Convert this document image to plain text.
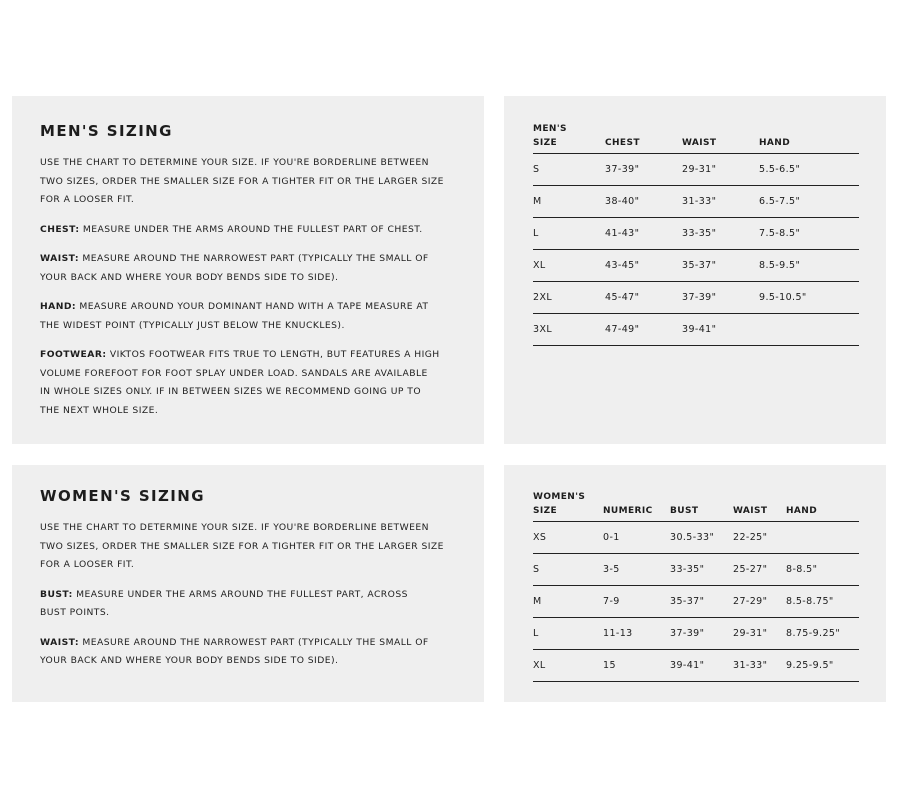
MEN'S SIZING

USE THE CHART TO DETERMINE YOUR SIZE. IF YOU'RE BORDERLINE BETWEEN TWO SIZES, ORDER THE SMALLER SIZE FOR A TIGHTER FIT OR THE LARGER SIZE FOR A LOOSER FIT.

CHEST: MEASURE UNDER THE ARMS AROUND THE FULLEST PART OF CHEST.

WAIST: MEASURE AROUND THE NARROWEST PART (TYPICALLY THE SMALL OF YOUR BACK AND WHERE YOUR BODY BENDS SIDE TO SIDE).

HAND: MEASURE AROUND YOUR DOMINANT HAND WITH A TAPE MEASURE AT THE WIDEST POINT (TYPICALLY JUST BELOW THE KNUCKLES).

FOOTWEAR: VIKTOS FOOTWEAR FITS TRUE TO LENGTH, BUT FEATURES A HIGH VOLUME FOREFOOT FOR FOOT SPLAY UNDER LOAD. SANDALS ARE AVAILABLE IN WHOLE SIZES ONLY. IF IN BETWEEN SIZES WE RECOMMEND GOING UP TO THE NEXT WHOLE SIZE.

MEN'S
SIZE	CHEST	WAIST	HAND
S	37-39"	29-31"	5.5-6.5"
M	38-40"	31-33"	6.5-7.5"
L	41-43"	33-35"	7.5-8.5"
XL	43-45"	35-37"	8.5-9.5"
2XL	45-47"	37-39"	9.5-10.5"
3XL	47-49"	39-41"	
WOMEN'S SIZING

USE THE CHART TO DETERMINE YOUR SIZE. IF YOU'RE BORDERLINE BETWEEN TWO SIZES, ORDER THE SMALLER SIZE FOR A TIGHTER FIT OR THE LARGER SIZE FOR A LOOSER FIT.

BUST: MEASURE UNDER THE ARMS AROUND THE FULLEST PART, ACROSS BUST POINTS.

WAIST: MEASURE AROUND THE NARROWEST PART (TYPICALLY THE SMALL OF YOUR BACK AND WHERE YOUR BODY BENDS SIDE TO SIDE).

WOMEN'S
SIZE	NUMERIC	BUST	WAIST	HAND
XS	0-1	30.5-33"	22-25"	
S	3-5	33-35"	25-27"	8-8.5"
M	7-9	35-37"	27-29"	8.5-8.75"
L	11-13	37-39"	29-31"	8.75-9.25"
XL	15	39-41"	31-33"	9.25-9.5"
